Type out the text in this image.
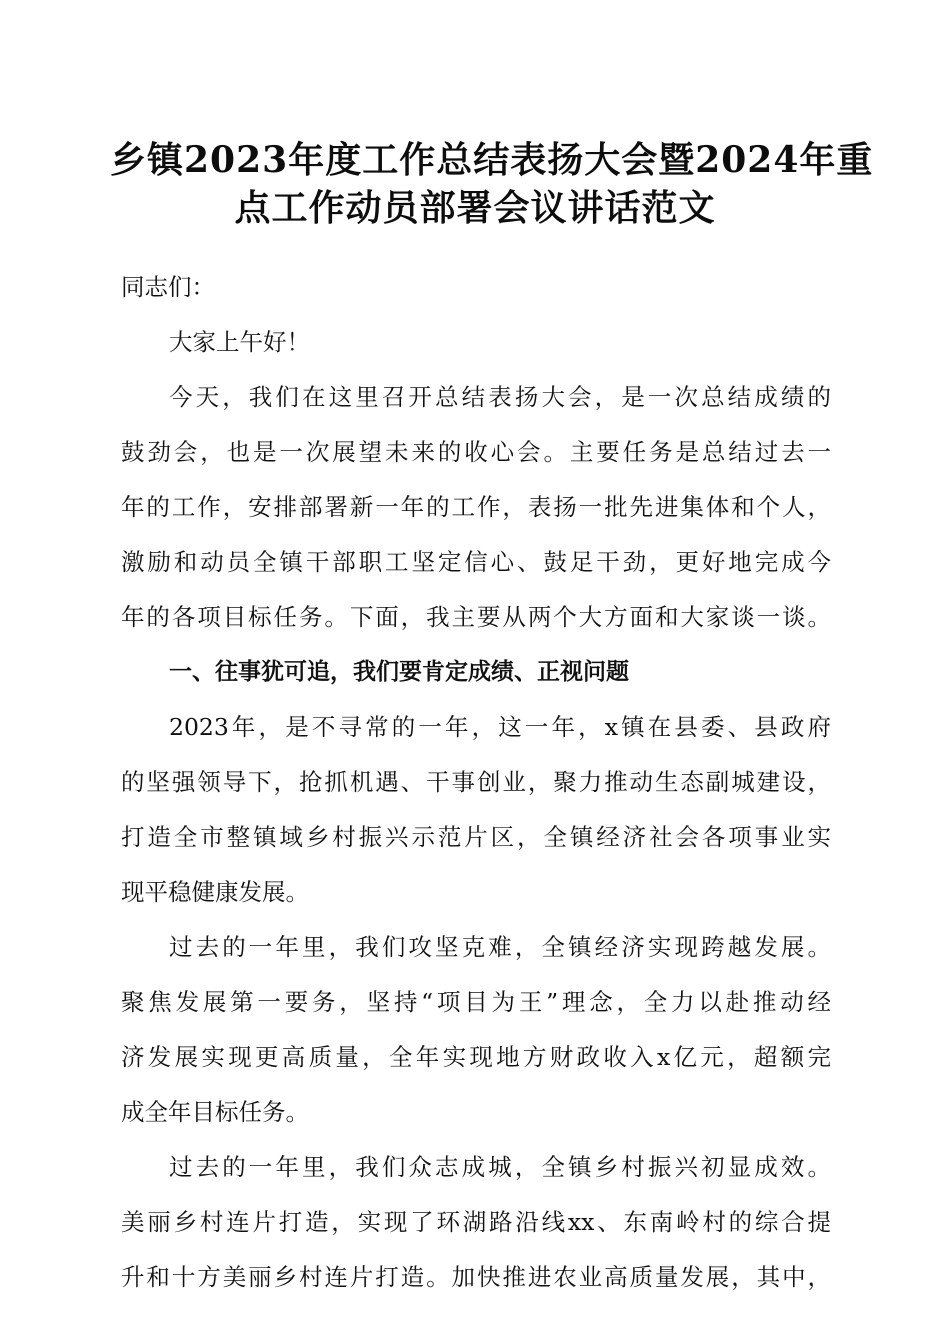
乡镇2023年度工作总结表扬大会暨2024年重
点工作动员部署会议讲话范文
同志们：
大家上午好！
今天，我们在这里召开总结表扬大会，是一次总结成绩的
鼓劲会，也是一次展望未来的收心会。主要任务是总结过去一
年的工作，安排部署新一年的工作，表扬一批先进集体和个人，
激励和动员全镇干部职工坚定信心、鼓足干劲，更好地完成今
年的各项目标任务。下面，我主要从两个大方面和大家谈一谈。
一、往事犹可追，我们要肯定成绩、正视问题
2023年，是不寻常的一年，这一年，x镇在县委、县政府
的坚强领导下，抢抓机遇、干事创业，聚力推动生态副城建设，
打造全市整镇域乡村振兴示范片区，全镇经济社会各项事业实
现平稳健康发展。
过去的一年里，我们攻坚克难，全镇经济实现跨越发展。
聚焦发展第一要务，坚持“项目为王”理念，全力以赴推动经
济发展实现更高质量，全年实现地方财政收入x亿元，超额完
成全年目标任务。
过去的一年里，我们众志成城，全镇乡村振兴初显成效。
美丽乡村连片打造，实现了环湖路沿线xx、东南岭村的综合提
升和十方美丽乡村连片打造。加快推进农业高质量发展，其中，
